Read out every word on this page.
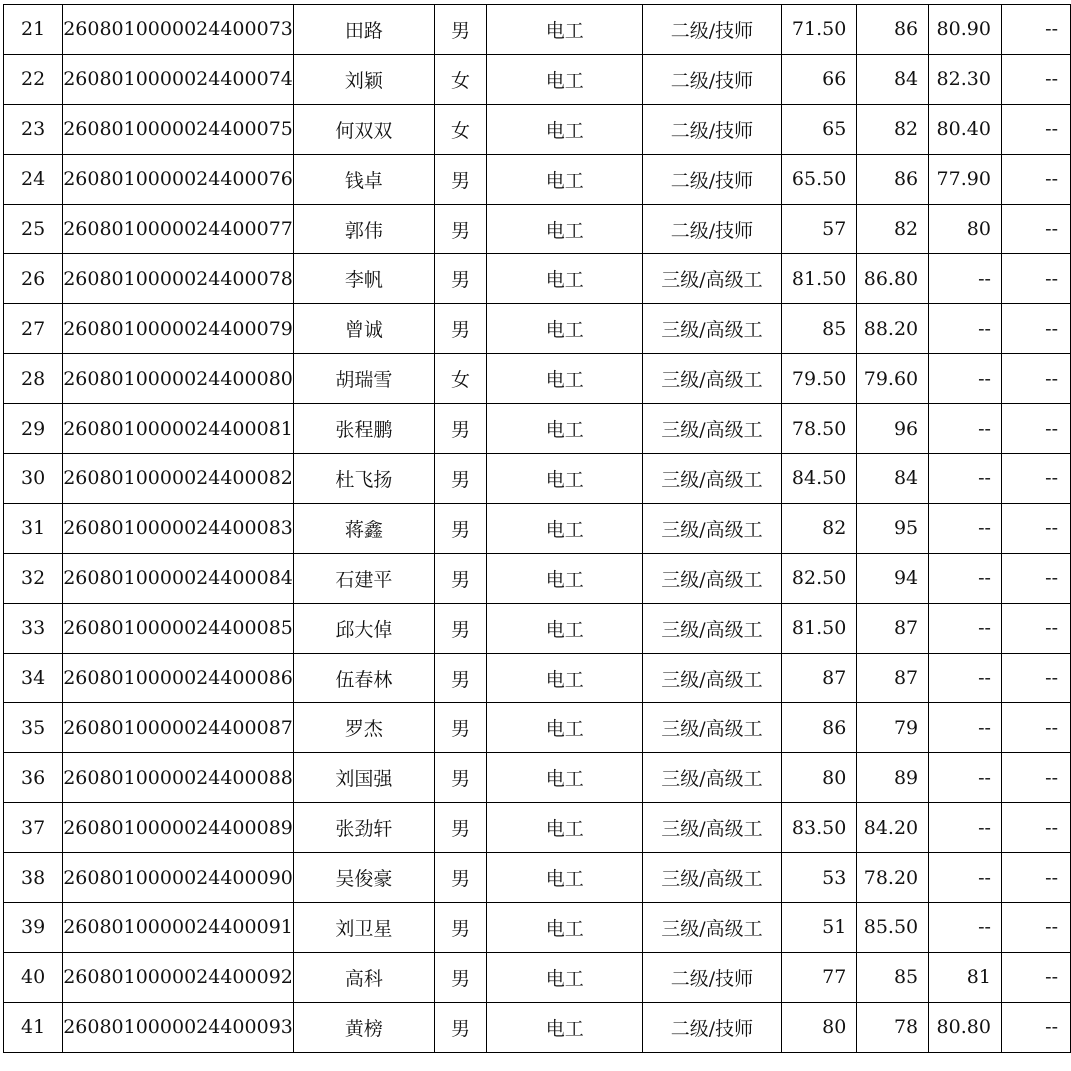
21	2608010000024400073	田路	男	电工	二级/技师	71.50	86	80.90	--
22	2608010000024400074	刘颖	女	电工	二级/技师	66	84	82.30	--
23	2608010000024400075	何双双	女	电工	二级/技师	65	82	80.40	--
24	2608010000024400076	钱卓	男	电工	二级/技师	65.50	86	77.90	--
25	2608010000024400077	郭伟	男	电工	二级/技师	57	82	80	--
26	2608010000024400078	李帆	男	电工	三级/高级工	81.50	86.80	--	--
27	2608010000024400079	曾诚	男	电工	三级/高级工	85	88.20	--	--
28	2608010000024400080	胡瑞雪	女	电工	三级/高级工	79.50	79.60	--	--
29	2608010000024400081	张程鹏	男	电工	三级/高级工	78.50	96	--	--
30	2608010000024400082	杜飞扬	男	电工	三级/高级工	84.50	84	--	--
31	2608010000024400083	蒋鑫	男	电工	三级/高级工	82	95	--	--
32	2608010000024400084	石建平	男	电工	三级/高级工	82.50	94	--	--
33	2608010000024400085	邱大倬	男	电工	三级/高级工	81.50	87	--	--
34	2608010000024400086	伍春林	男	电工	三级/高级工	87	87	--	--
35	2608010000024400087	罗杰	男	电工	三级/高级工	86	79	--	--
36	2608010000024400088	刘国强	男	电工	三级/高级工	80	89	--	--
37	2608010000024400089	张劲轩	男	电工	三级/高级工	83.50	84.20	--	--
38	2608010000024400090	吴俊豪	男	电工	三级/高级工	53	78.20	--	--
39	2608010000024400091	刘卫星	男	电工	三级/高级工	51	85.50	--	--
40	2608010000024400092	高科	男	电工	二级/技师	77	85	81	--
41	2608010000024400093	黄榜	男	电工	二级/技师	80	78	80.80	--
